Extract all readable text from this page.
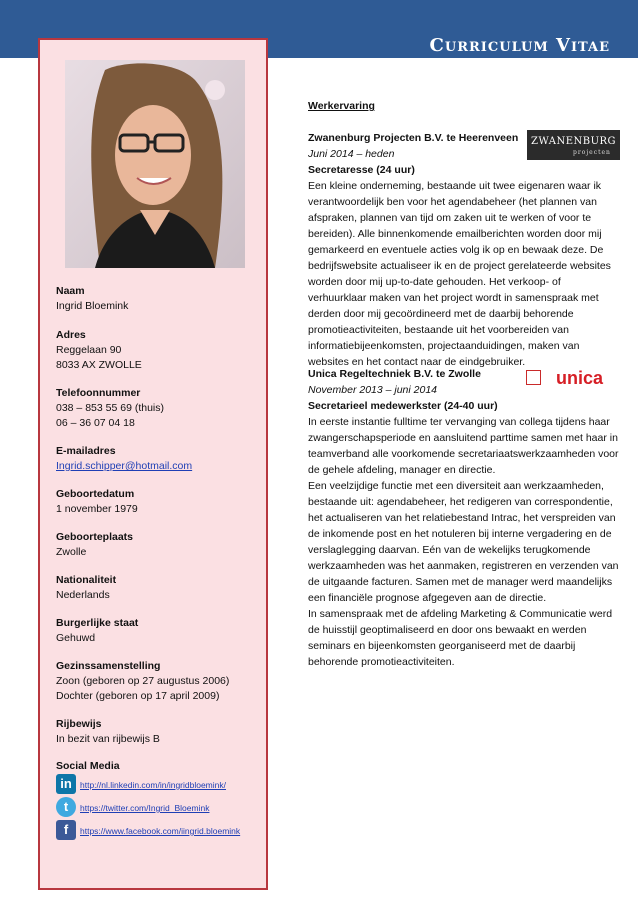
Curriculum Vitae
Naam
Ingrid Bloemink
Adres
Reggelaan 90
8033 AX ZWOLLE
Telefoonnummer
038 – 853 55 69 (thuis)
06 – 36 07 04 18
E-mailadres
Ingrid.schipper@hotmail.com
Geboortedatum
1 november 1979
Geboorteplaats
Zwolle
Nationaliteit
Nederlands
Burgerlijke staat
Gehuwd
Gezinssamenstelling
Zoon (geboren op 27 augustus 2006)
Dochter (geboren op 17 april 2009)
Rijbewijs
In bezit van rijbewijs B
Social Media
in http://nl.linkedin.com/in/ingridbloemink/
t	https://twitter.com/Ingrid_Bloemink
f	https://www.facebook.com/iingrid.bloemink
Werkervaring
Zwanenburg Projecten B.V. te Heerenveen
Juni 2014 – heden
Secretaresse (24 uur)
ZWANENBURG
projecten

Een kleine onderneming, bestaande uit twee eigenaren waar ik verantwoordelijk ben voor het agendabeheer (het plannen van afspraken, plannen van tijd om zaken uit te werken of voor te bereiden). Alle binnenkomende emailberichten worden door mij gemarkeerd en eventuele acties volg ik op en bewaak deze. De bedrijfswebsite actualiseer ik en de project gerelateerde websites worden door mij up-to-date gehouden. Het verkoop- of verhuurklaar maken van het project wordt in samenspraak met derden door mij gecoördineerd met de daarbij behorende promotieactiviteiten, bestaande uit het voorbereiden van informatiebijeenkomsten, projectaanduidingen, maken van websites en het contact naar de eindgebruiker.

Unica Regeltechniek B.V. te Zwolle
November 2013 – juni 2014
Secretarieel medewerkster (24-40 uur)
unica

In eerste instantie fulltime ter vervanging van collega tijdens haar zwangerschapsperiode en aansluitend parttime samen met haar in teamverband alle voorkomende secretariaatswerkzaamheden voor de gehele afdeling, manager en directie.

Een veelzijdige functie met een diversiteit aan werkzaamheden, bestaande uit: agendabeheer, het redigeren van correspondentie, het actualiseren van het relatiebestand Intrac, het verspreiden van de inkomende post en het notuleren bij interne vergadering en de verslaglegging daarvan. Eén van de wekelijks terugkomende werkzaamheden was het aanmaken, registreren en verzenden van de uitgaande facturen. Samen met de manager werd maandelijks een financiële prognose afgegeven aan de directie.

In samenspraak met de afdeling Marketing & Communicatie werd de huisstijl geoptimaliseerd en door ons bewaakt en werden seminars en bijeenkomsten georganiseerd met de daarbij behorende promotieactiviteiten.
